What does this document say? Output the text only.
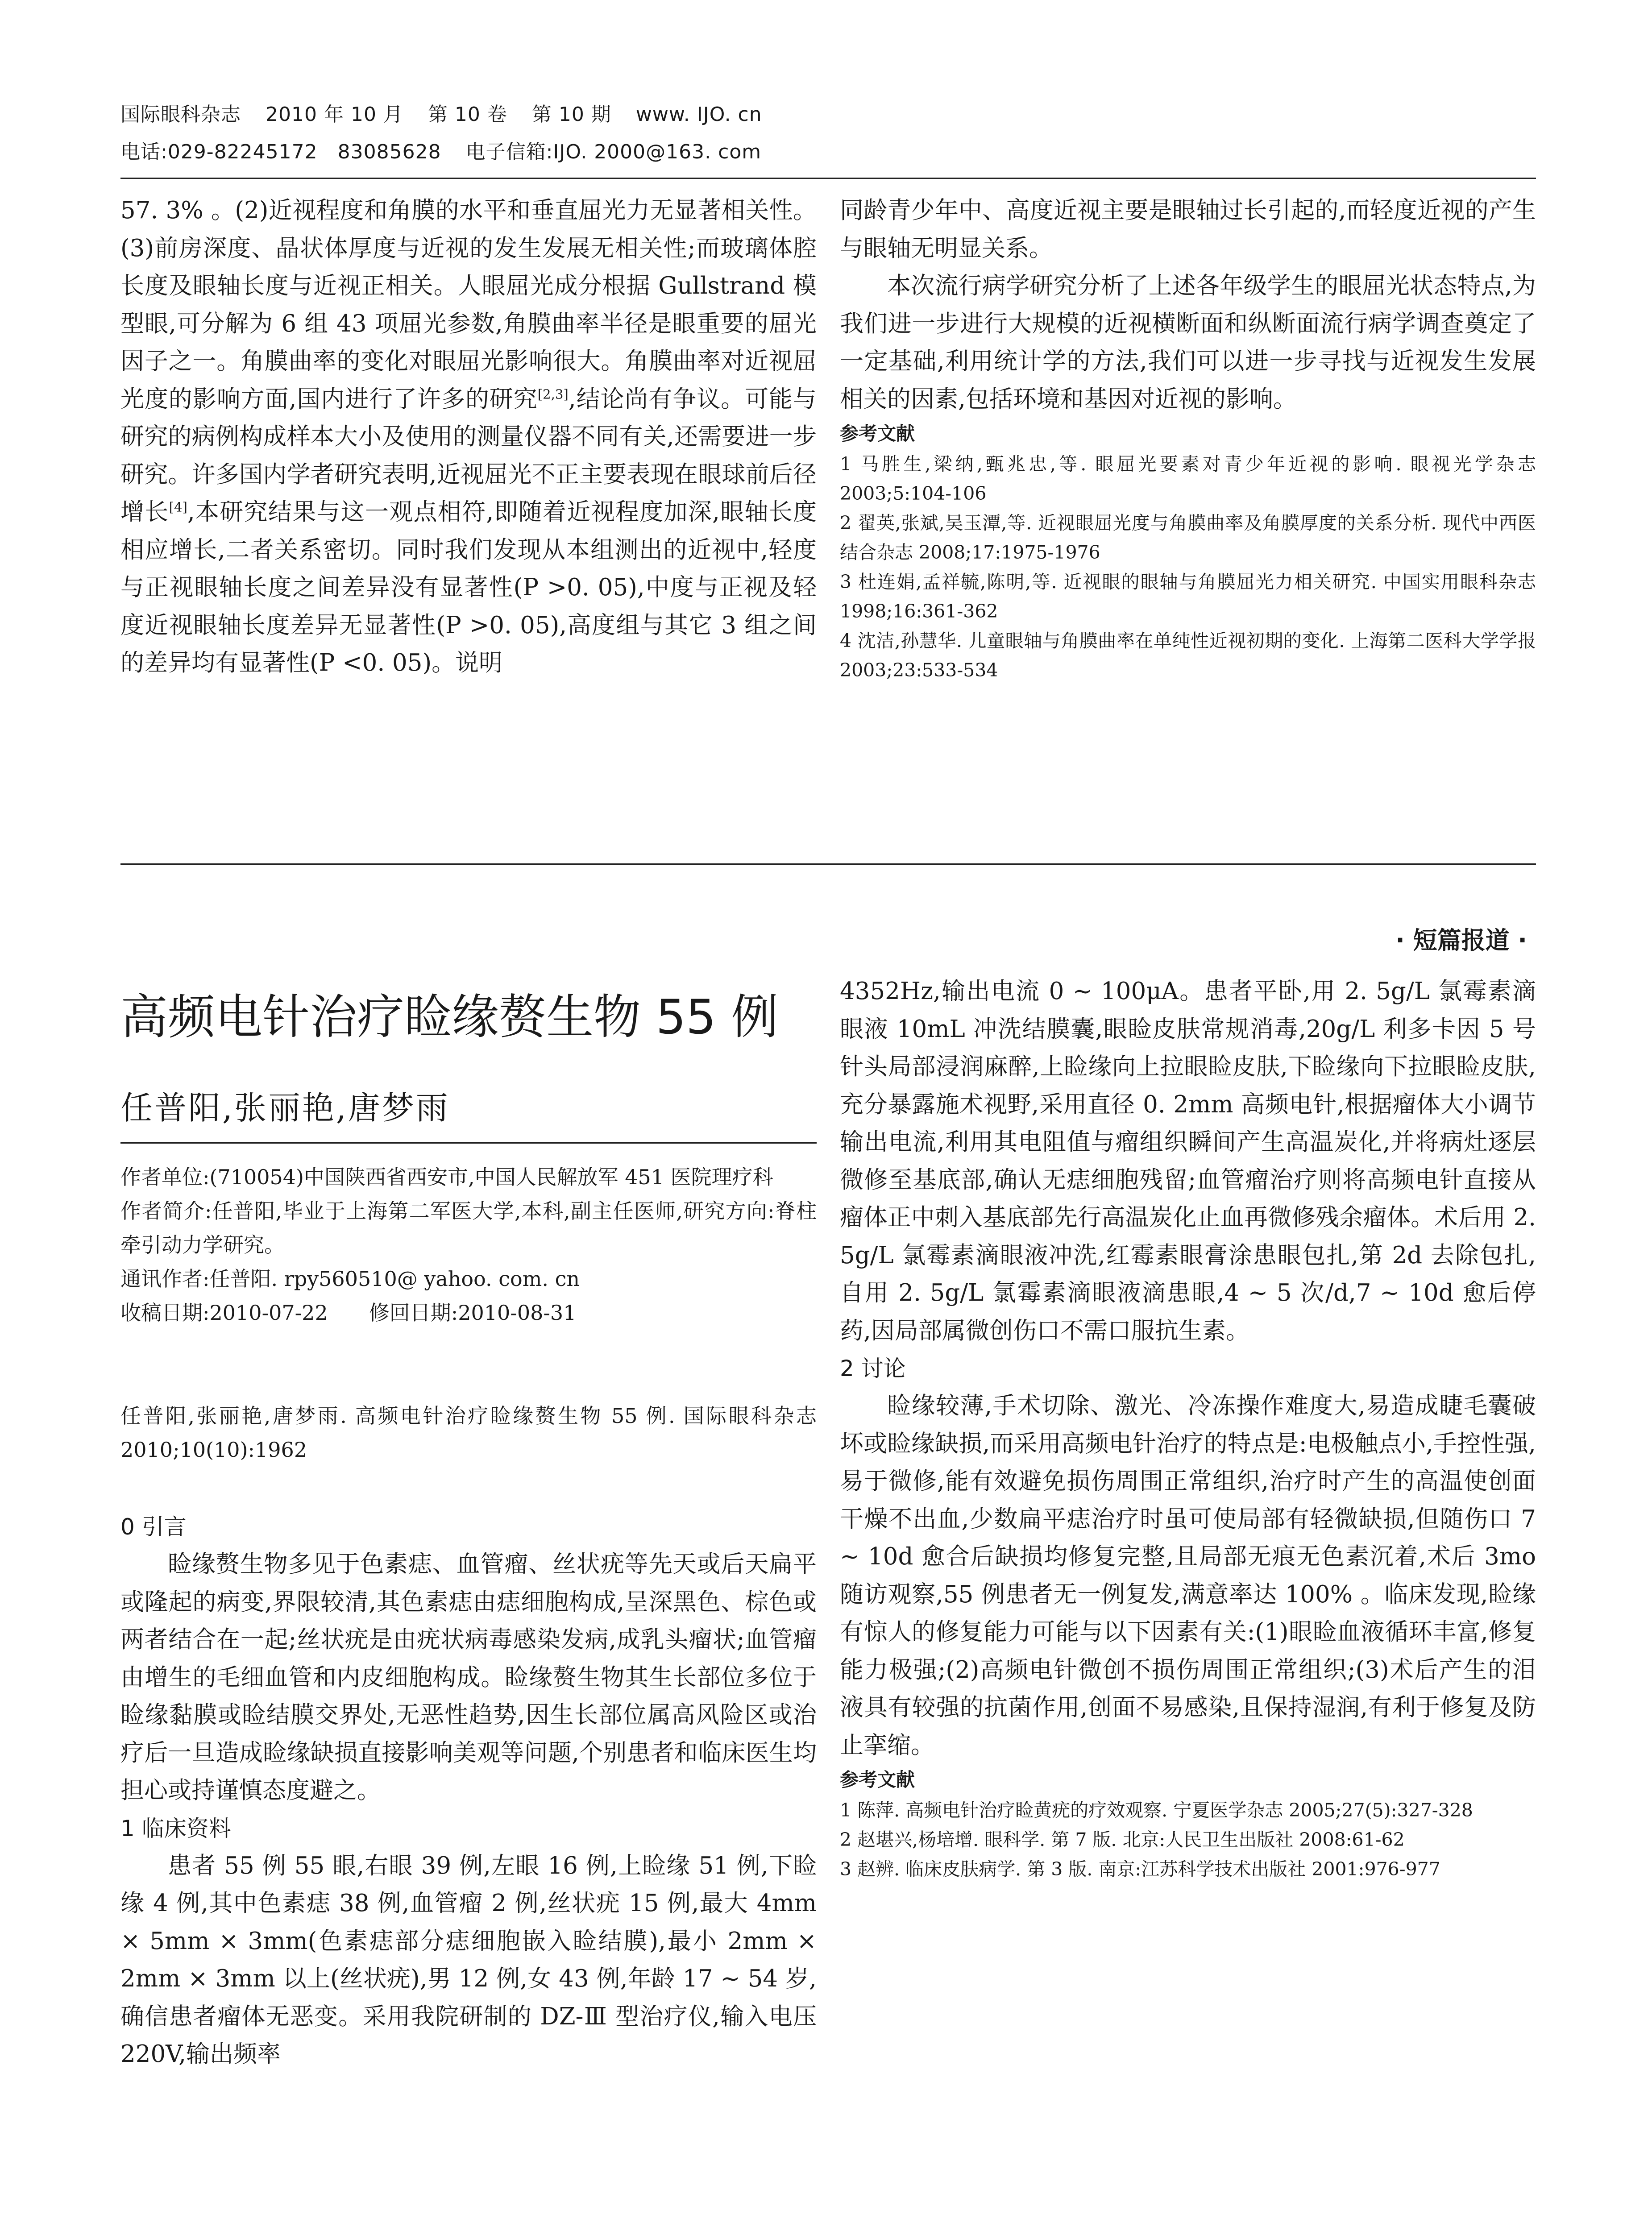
国际眼科杂志 2010 年 10 月 第 10 卷 第 10 期 www. IJO. cn
电话:029-82245172　83085628 电子信箱:IJO. 2000@163. com

57. 3% 。(2)近视程度和角膜的水平和垂直屈光力无显著相关性。(3)前房深度、晶状体厚度与近视的发生发展无相关性;而玻璃体腔长度及眼轴长度与近视正相关。人眼屈光成分根据 Gullstrand 模型眼,可分解为 6 组 43 项屈光参数,角膜曲率半径是眼重要的屈光因子之一。角膜曲率的变化对眼屈光影响很大。角膜曲率对近视屈光度的影响方面,国内进行了许多的研究[2,3],结论尚有争议。可能与研究的病例构成样本大小及使用的测量仪器不同有关,还需要进一步研究。许多国内学者研究表明,近视屈光不正主要表现在眼球前后径增长[4],本研究结果与这一观点相符,即随着近视程度加深,眼轴长度相应增长,二者关系密切。同时我们发现从本组测出的近视中,轻度与正视眼轴长度之间差异没有显著性(P >0. 05),中度与正视及轻度近视眼轴长度差异无显著性(P >0. 05),高度组与其它 3 组之间的差异均有显著性(P <0. 05)。说明

同龄青少年中、高度近视主要是眼轴过长引起的,而轻度近视的产生与眼轴无明显关系。

本次流行病学研究分析了上述各年级学生的眼屈光状态特点,为我们进一步进行大规模的近视横断面和纵断面流行病学调查奠定了一定基础,利用统计学的方法,我们可以进一步寻找与近视发生发展相关的因素,包括环境和基因对近视的影响。

参考文献

1 马胜生,梁纳,甄兆忠,等. 眼屈光要素对青少年近视的影响. 眼视光学杂志 2003;5:104-106

2 翟英,张斌,吴玉潭,等. 近视眼屈光度与角膜曲率及角膜厚度的关系分析. 现代中西医结合杂志 2008;17:1975-1976

3 杜连娟,孟祥毓,陈明,等. 近视眼的眼轴与角膜屈光力相关研究. 中国实用眼科杂志 1998;16:361-362

4 沈洁,孙慧华. 儿童眼轴与角膜曲率在单纯性近视初期的变化. 上海第二医科大学学报 2003;23:533-534

· 短篇报道 ·
高频电针治疗睑缘赘生物 55 例
任普阳,张丽艳,唐梦雨

作者单位:(710054)中国陕西省西安市,中国人民解放军 451 医院理疗科

作者简介:任普阳,毕业于上海第二军医大学,本科,副主任医师,研究方向:脊柱牵引动力学研究。

通讯作者:任普阳. rpy560510@ yahoo. com. cn

收稿日期:2010-07-22　　修回日期:2010-08-31

任普阳,张丽艳,唐梦雨. 高频电针治疗睑缘赘生物 55 例. 国际眼科杂志 2010;10(10):1962

0 引言

睑缘赘生物多见于色素痣、血管瘤、丝状疣等先天或后天扁平或隆起的病变,界限较清,其色素痣由痣细胞构成,呈深黑色、棕色或两者结合在一起;丝状疣是由疣状病毒感染发病,成乳头瘤状;血管瘤由增生的毛细血管和内皮细胞构成。睑缘赘生物其生长部位多位于睑缘黏膜或睑结膜交界处,无恶性趋势,因生长部位属高风险区或治疗后一旦造成睑缘缺损直接影响美观等问题,个别患者和临床医生均担心或持谨慎态度避之。

1 临床资料

患者 55 例 55 眼,右眼 39 例,左眼 16 例,上睑缘 51 例,下睑缘 4 例,其中色素痣 38 例,血管瘤 2 例,丝状疣 15 例,最大 4mm × 5mm × 3mm(色素痣部分痣细胞嵌入睑结膜),最小 2mm × 2mm × 3mm 以上(丝状疣),男 12 例,女 43 例,年龄 17 ~ 54 岁,确信患者瘤体无恶变。采用我院研制的 DZ-Ⅲ 型治疗仪,输入电压 220V,输出频率

4352Hz,输出电流 0 ~ 100μA。患者平卧,用 2. 5g/L 氯霉素滴眼液 10mL 冲洗结膜囊,眼睑皮肤常规消毒,20g/L 利多卡因 5 号针头局部浸润麻醉,上睑缘向上拉眼睑皮肤,下睑缘向下拉眼睑皮肤,充分暴露施术视野,采用直径 0. 2mm 高频电针,根据瘤体大小调节输出电流,利用其电阻值与瘤组织瞬间产生高温炭化,并将病灶逐层微修至基底部,确认无痣细胞残留;血管瘤治疗则将高频电针直接从瘤体正中刺入基底部先行高温炭化止血再微修残余瘤体。术后用 2. 5g/L 氯霉素滴眼液冲洗,红霉素眼膏涂患眼包扎,第 2d 去除包扎,自用 2. 5g/L 氯霉素滴眼液滴患眼,4 ~ 5 次/d,7 ~ 10d 愈后停药,因局部属微创伤口不需口服抗生素。

2 讨论

睑缘较薄,手术切除、激光、冷冻操作难度大,易造成睫毛囊破坏或睑缘缺损,而采用高频电针治疗的特点是:电极触点小,手控性强,易于微修,能有效避免损伤周围正常组织,治疗时产生的高温使创面干燥不出血,少数扁平痣治疗时虽可使局部有轻微缺损,但随伤口 7 ~ 10d 愈合后缺损均修复完整,且局部无痕无色素沉着,术后 3mo 随访观察,55 例患者无一例复发,满意率达 100% 。临床发现,睑缘有惊人的修复能力可能与以下因素有关:(1)眼睑血液循环丰富,修复能力极强;(2)高频电针微创不损伤周围正常组织;(3)术后产生的泪液具有较强的抗菌作用,创面不易感染,且保持湿润,有利于修复及防止挛缩。

参考文献

1 陈萍. 高频电针治疗睑黄疣的疗效观察. 宁夏医学杂志 2005;27(5):327-328

2 赵堪兴,杨培增. 眼科学. 第 7 版. 北京:人民卫生出版社 2008:61-62

3 赵辨. 临床皮肤病学. 第 3 版. 南京:江苏科学技术出版社 2001:976-977
